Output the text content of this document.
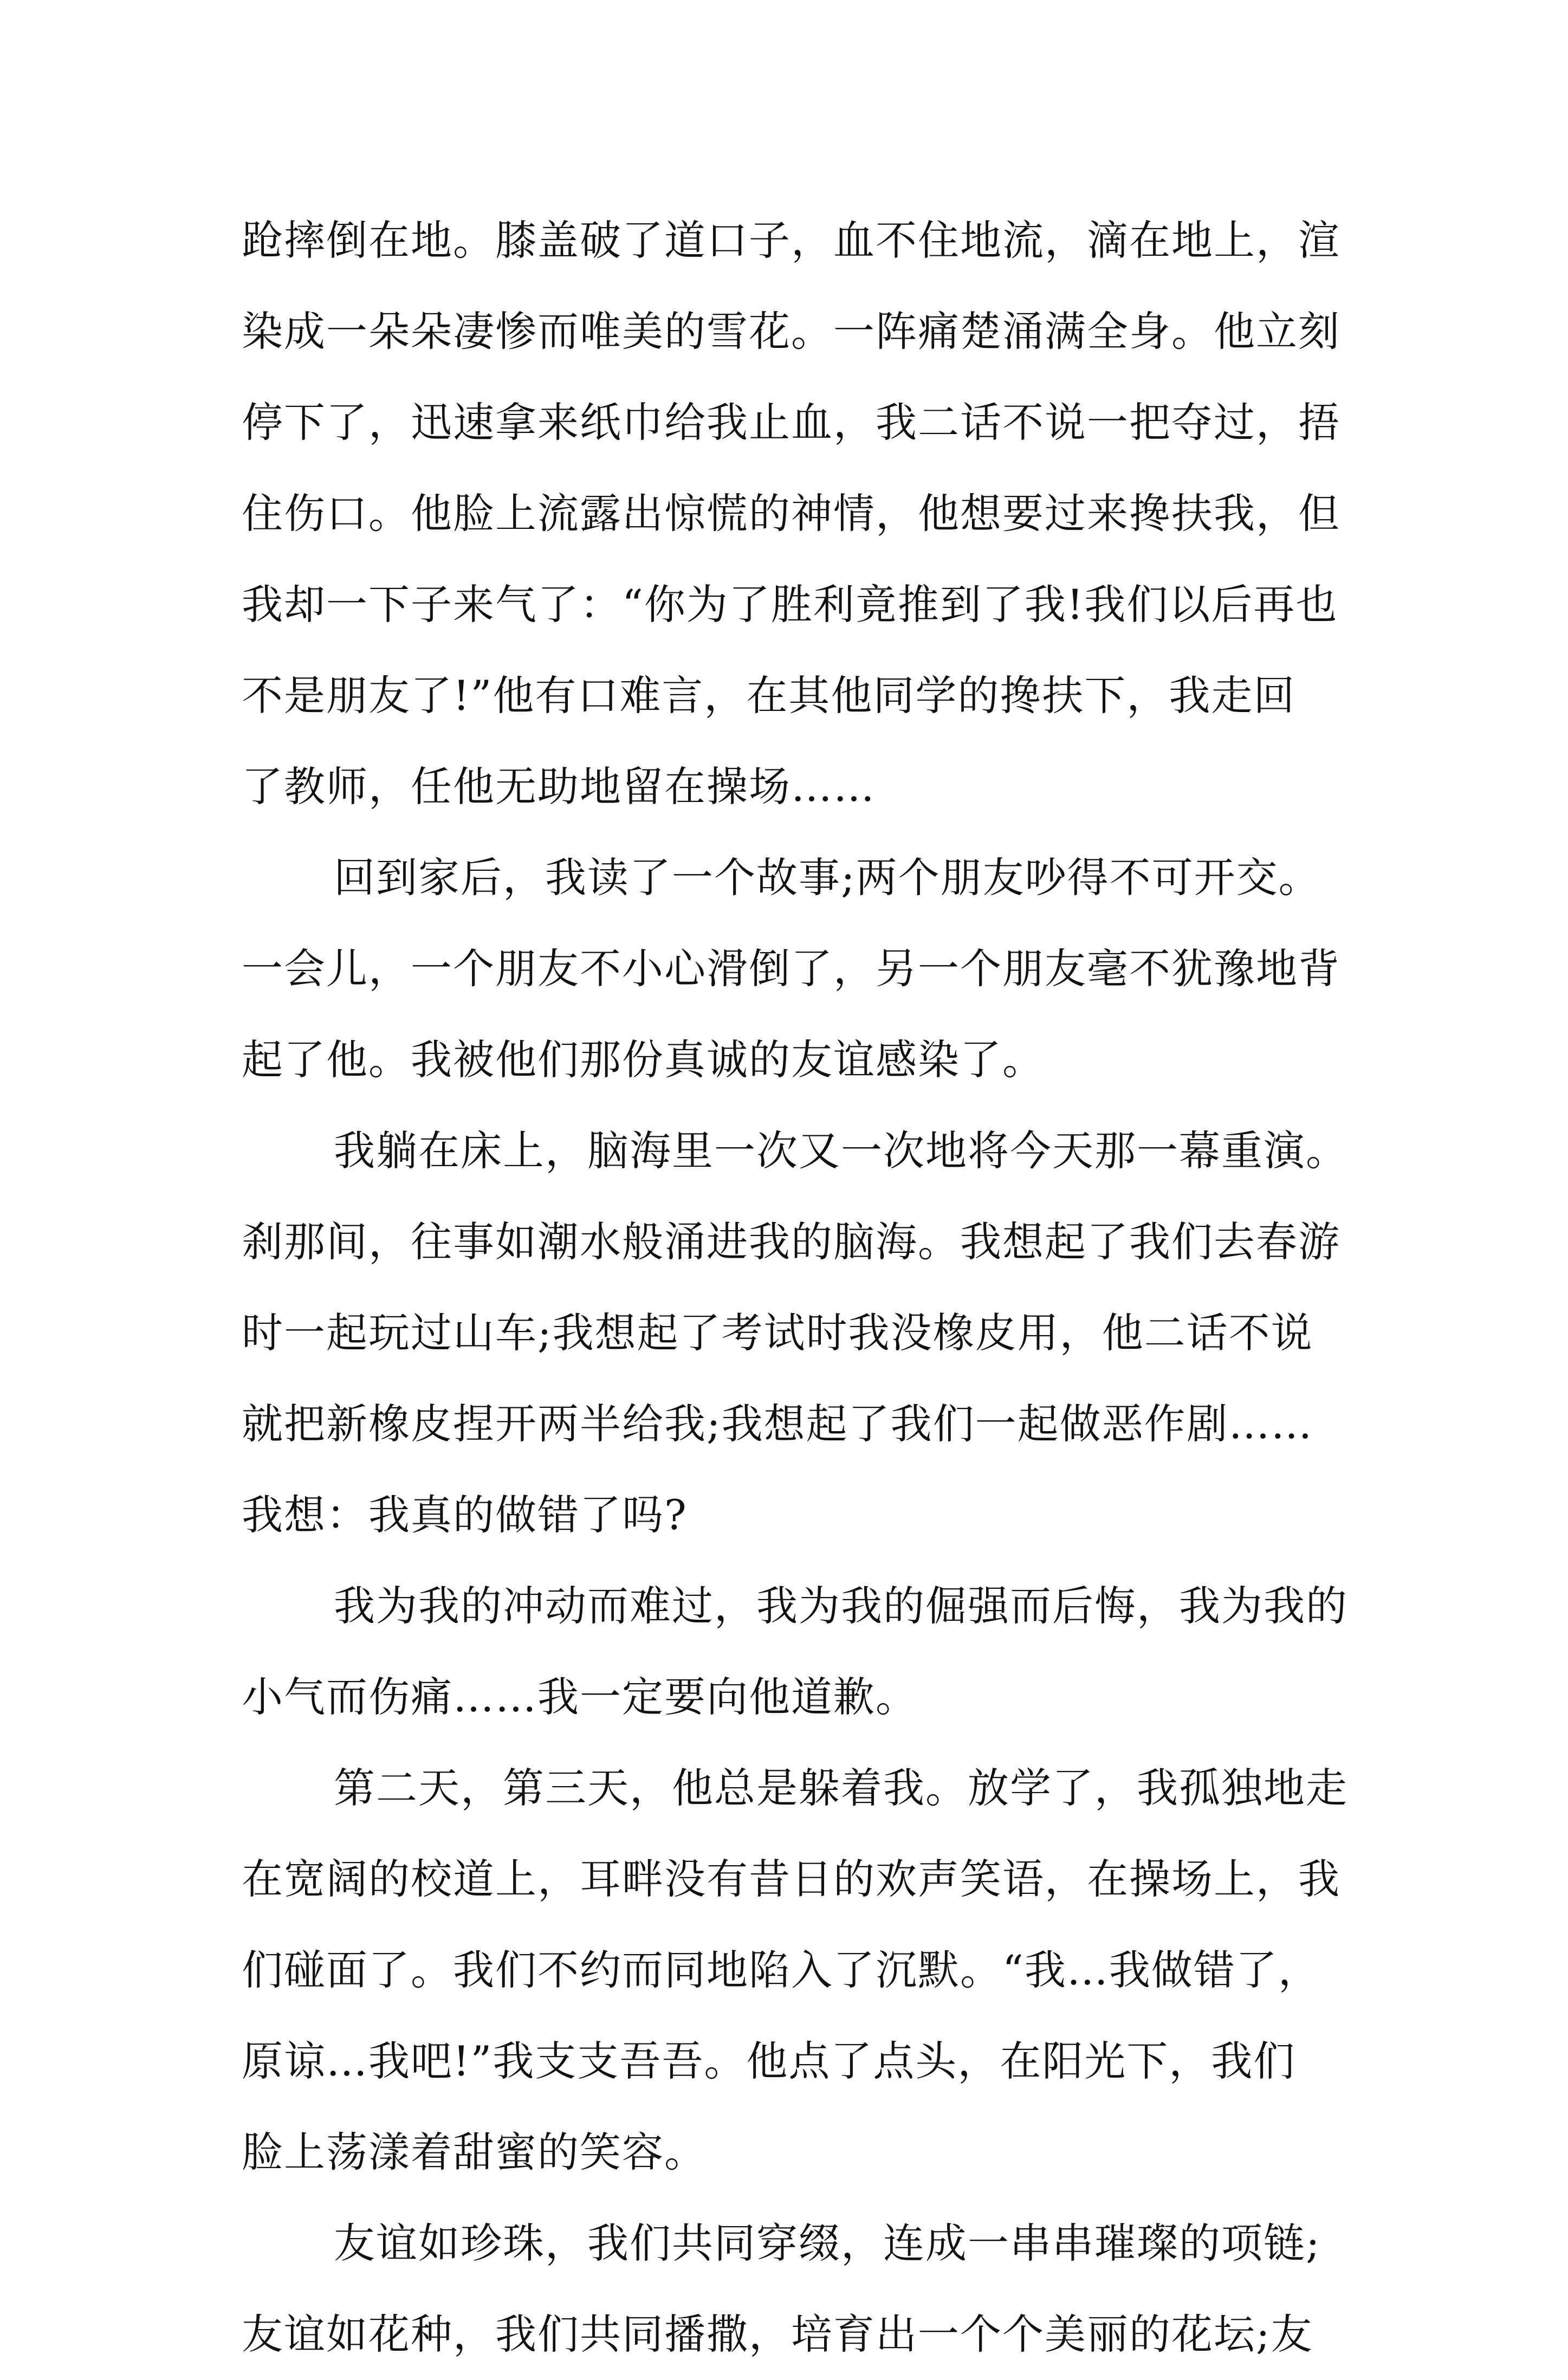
跄摔倒在地。膝盖破了道口子，血不住地流，滴在地上，渲
染成一朵朵凄惨而唯美的雪花。一阵痛楚涌满全身。他立刻
停下了，迅速拿来纸巾给我止血，我二话不说一把夺过，捂
住伤口。他脸上流露出惊慌的神情，他想要过来搀扶我，但
我却一下子来气了：“你为了胜利竟推到了我!我们以后再也
不是朋友了!”他有口难言，在其他同学的搀扶下，我走回
了教师，任他无助地留在操场……
回到家后，我读了一个故事;两个朋友吵得不可开交。
一会儿，一个朋友不小心滑倒了，另一个朋友毫不犹豫地背
起了他。我被他们那份真诚的友谊感染了。
我躺在床上，脑海里一次又一次地将今天那一幕重演。
刹那间，往事如潮水般涌进我的脑海。我想起了我们去春游
时一起玩过山车;我想起了考试时我没橡皮用，他二话不说
就把新橡皮捏开两半给我;我想起了我们一起做恶作剧……
我想：我真的做错了吗?
我为我的冲动而难过，我为我的倔强而后悔，我为我的
小气而伤痛……我一定要向他道歉。
第二天，第三天，他总是躲着我。放学了，我孤独地走
在宽阔的校道上，耳畔没有昔日的欢声笑语，在操场上，我
们碰面了。我们不约而同地陷入了沉默。“我…我做错了，
原谅…我吧!”我支支吾吾。他点了点头，在阳光下，我们
脸上荡漾着甜蜜的笑容。
友谊如珍珠，我们共同穿缀，连成一串串璀璨的项链;
友谊如花种，我们共同播撒，培育出一个个美丽的花坛;友
